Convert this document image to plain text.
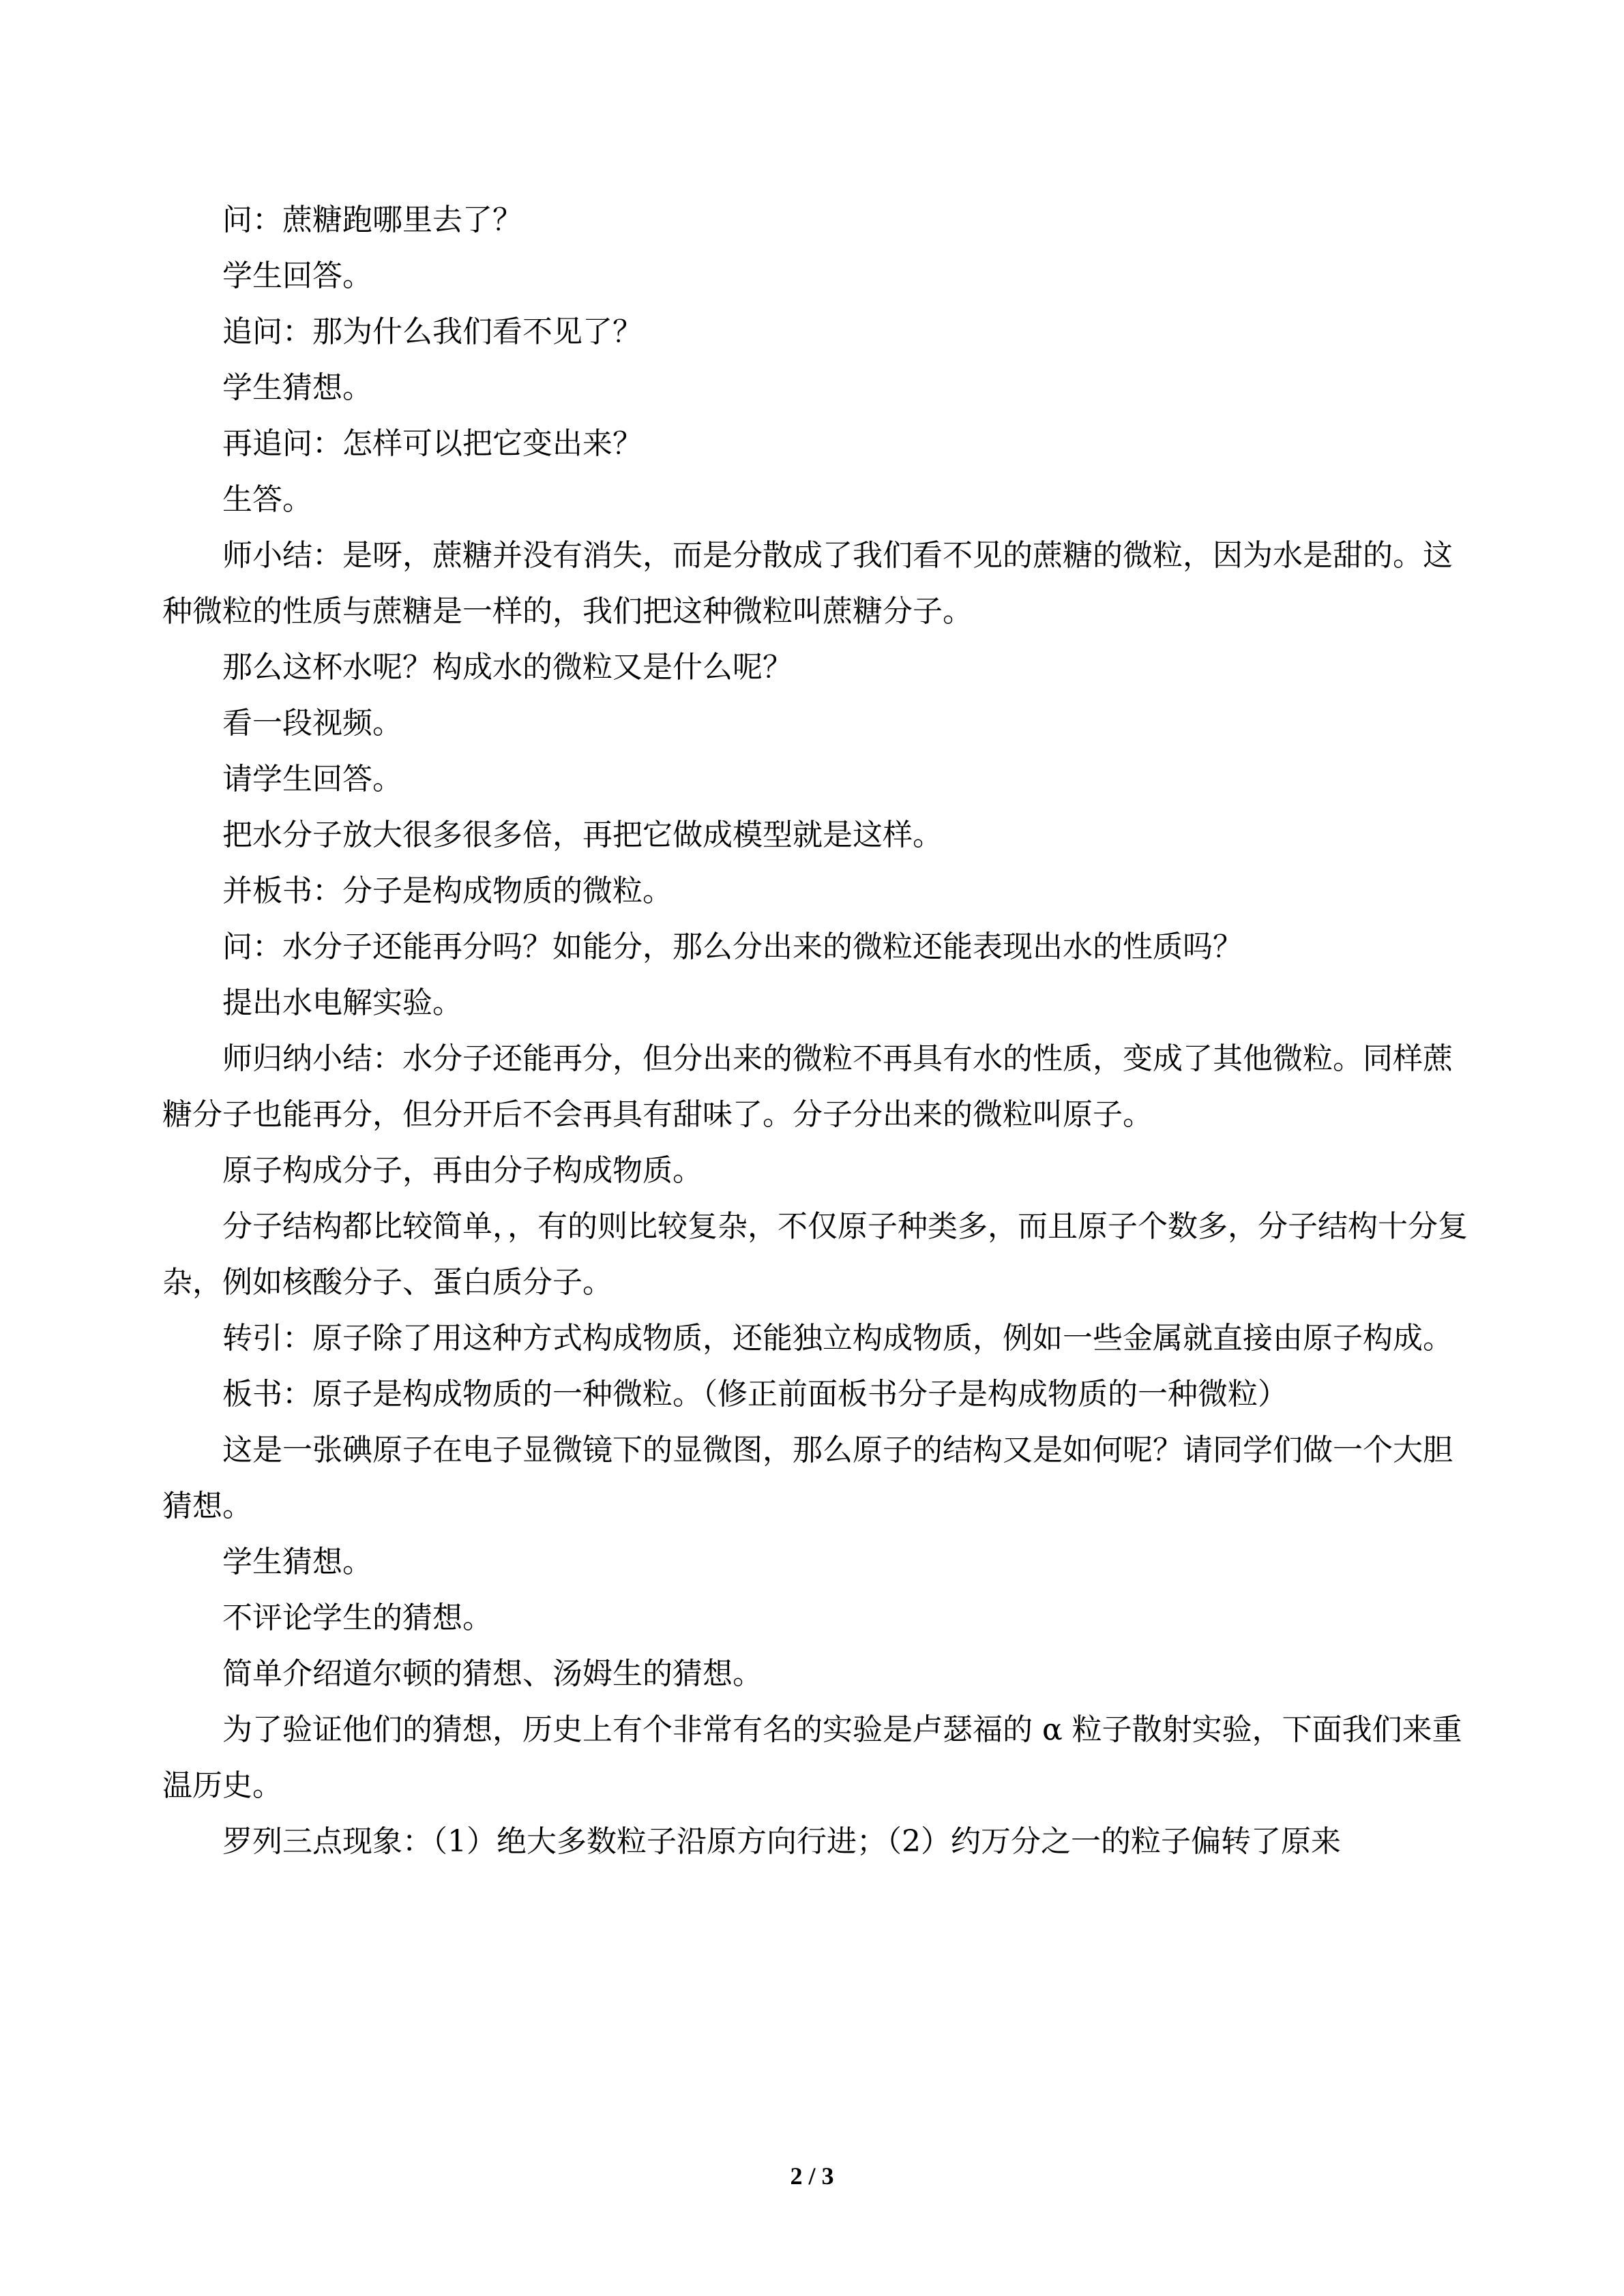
问：蔗糖跑哪里去了？

学生回答。

追问：那为什么我们看不见了？

学生猜想。

再追问：怎样可以把它变出来？

生答。

师小结：是呀，蔗糖并没有消失，而是分散成了我们看不见的蔗糖的微粒，因为水是甜的。这种微粒的性质与蔗糖是一样的，我们把这种微粒叫蔗糖分子。

那么这杯水呢？构成水的微粒又是什么呢？

看一段视频。

请学生回答。

把水分子放大很多很多倍，再把它做成模型就是这样。

并板书：分子是构成物质的微粒。

问：水分子还能再分吗？如能分，那么分出来的微粒还能表现出水的性质吗？

提出水电解实验。

师归纳小结：水分子还能再分，但分出来的微粒不再具有水的性质，变成了其他微粒。同样蔗糖分子也能再分，但分开后不会再具有甜味了。分子分出来的微粒叫原子。

原子构成分子，再由分子构成物质。

分子结构都比较简单，，有的则比较复杂，不仅原子种类多，而且原子个数多，分子结构十分复杂，例如核酸分子、蛋白质分子。

转引：原子除了用这种方式构成物质，还能独立构成物质，例如一些金属就直接由原子构成。

板书：原子是构成物质的一种微粒。（修正前面板书分子是构成物质的一种微粒）

这是一张碘原子在电子显微镜下的显微图，那么原子的结构又是如何呢？请同学们做一个大胆猜想。

学生猜想。

不评论学生的猜想。

简单介绍道尔顿的猜想、汤姆生的猜想。

为了验证他们的猜想，历史上有个非常有名的实验是卢瑟福的 α 粒子散射实验，下面我们来重温历史。

罗列三点现象：（1）绝大多数粒子沿原方向行进；（2）约万分之一的粒子偏转了原来

2 / 3
